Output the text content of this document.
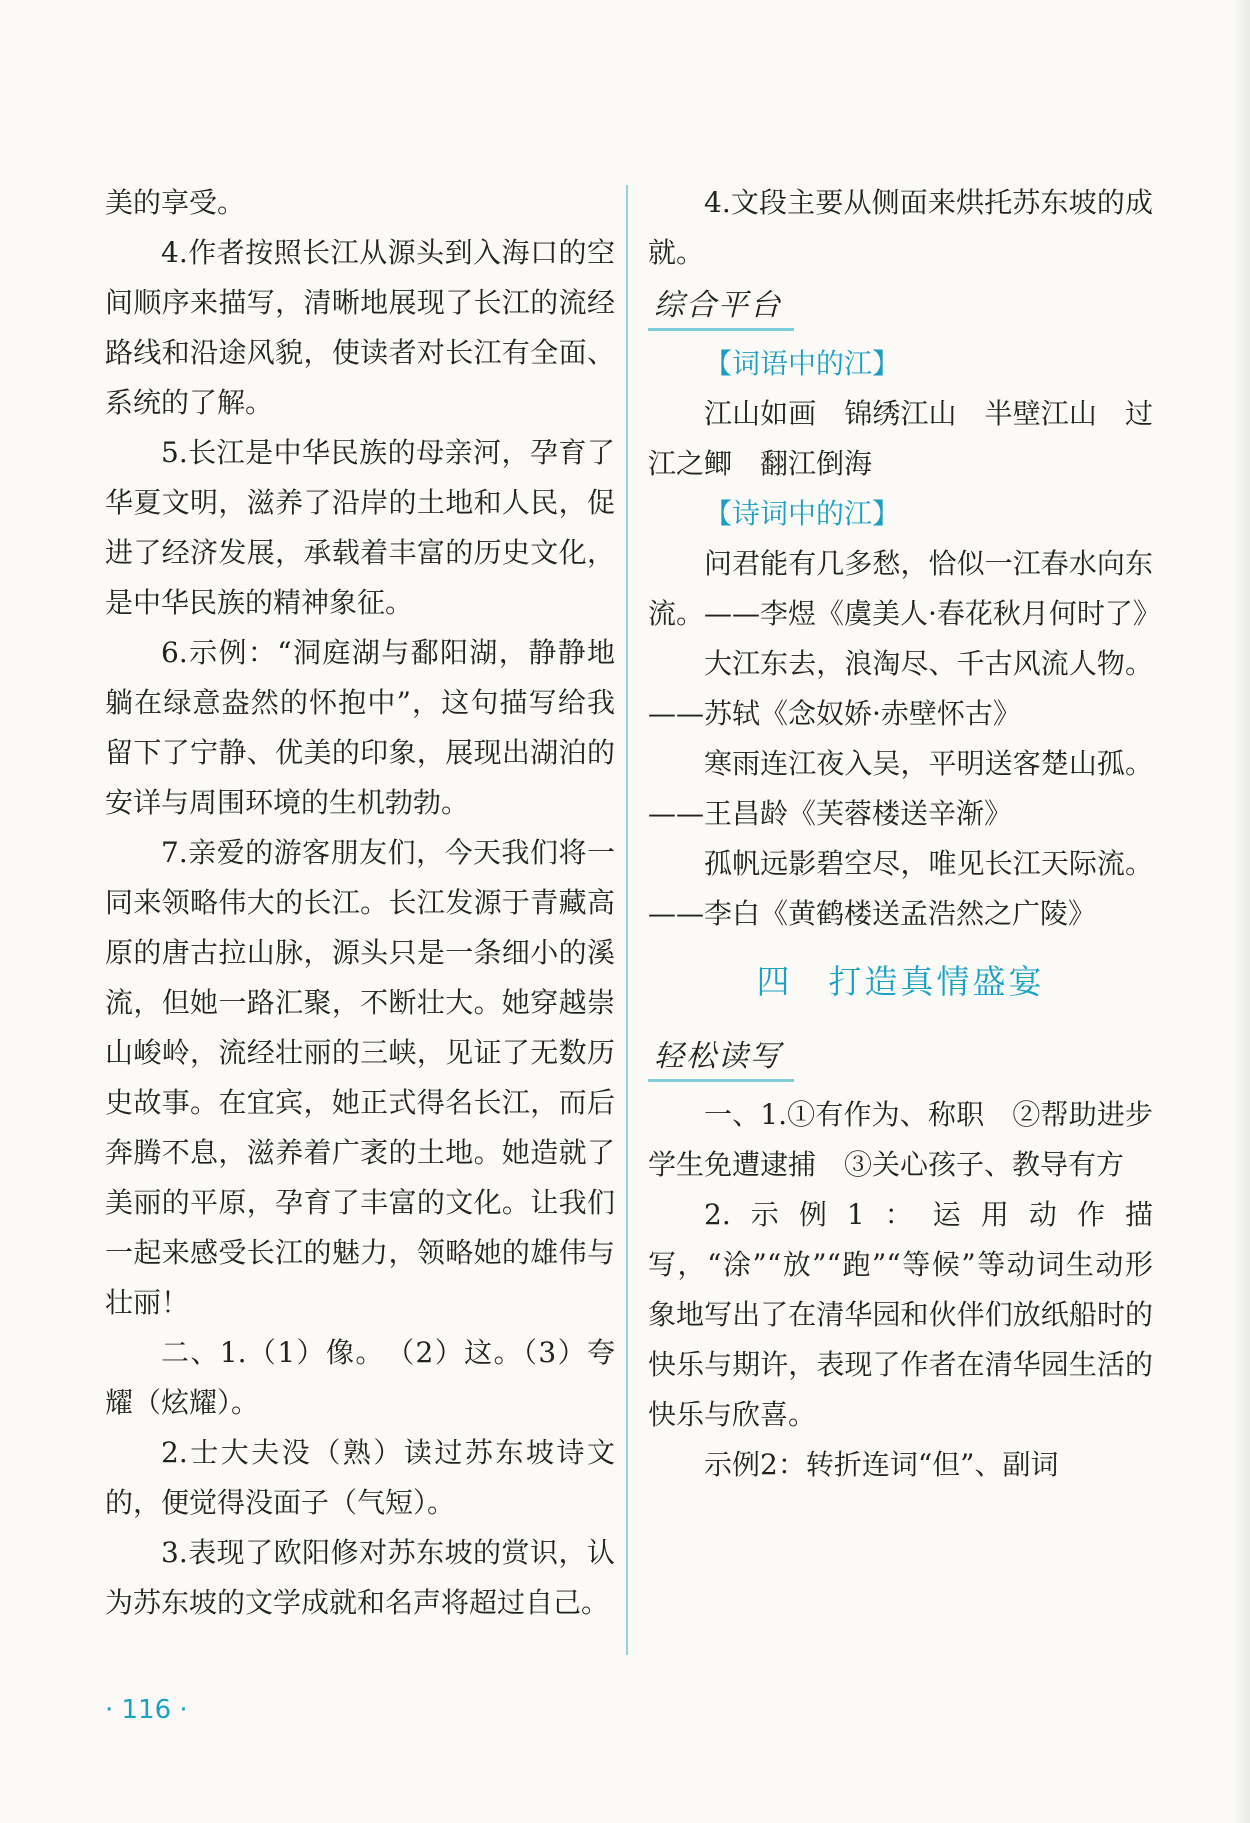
美的享受。

4.作者按照长江从源头到入海口的空间顺序来描写，清晰地展现了长江的流经路线和沿途风貌，使读者对长江有全面、系统的了解。

5.长江是中华民族的母亲河，孕育了华夏文明，滋养了沿岸的土地和人民，促进了经济发展，承载着丰富的历史文化，是中华民族的精神象征。

6.示例：“洞庭湖与鄱阳湖，静静地躺在绿意盎然的怀抱中”，这句描写给我留下了宁静、优美的印象，展现出湖泊的安详与周围环境的生机勃勃。

7.亲爱的游客朋友们，今天我们将一同来领略伟大的长江。长江发源于青藏高原的唐古拉山脉，源头只是一条细小的溪流，但她一路汇聚，不断壮大。她穿越崇山峻岭，流经壮丽的三峡，见证了无数历史故事。在宜宾，她正式得名长江，而后奔腾不息，滋养着广袤的土地。她造就了美丽的平原，孕育了丰富的文化。让我们一起来感受长江的魅力，领略她的雄伟与壮丽！

二、1.（1）像。　（2）这。（3）夸耀（炫耀）。

2.士大夫没（熟）读过苏东坡诗文的，便觉得没面子（气短）。

3.表现了欧阳修对苏东坡的赏识，认为苏东坡的文学成就和名声将超过自己。

4.文段主要从侧面来烘托苏东坡的成就。

综合平台

【词语中的江】

江山如画　锦绣江山　半壁江山　过江之鲫　翻江倒海

【诗词中的江】

问君能有几多愁，恰似一江春水向东流。——李煜《虞美人·春花秋月何时了》

大江东去，浪淘尽、千古风流人物。——苏轼《念奴娇·赤壁怀古》

寒雨连江夜入吴，平明送客楚山孤。——王昌龄《芙蓉楼送辛渐》

孤帆远影碧空尽，唯见长江天际流。——李白《黄鹤楼送孟浩然之广陵》

四　打造真情盛宴
轻松读写

一、1.①有作为、称职　②帮助进步学生免遭逮捕　③关心孩子、教导有方

2.示例1：运用动作描写，“涂”“放”“跑”“等候”等动词生动形象地写出了在清华园和伙伴们放纸船时的快乐与期许，表现了作者在清华园生活的快乐与欣喜。

示例2：转折连词“但”、副词

· 116 ·
